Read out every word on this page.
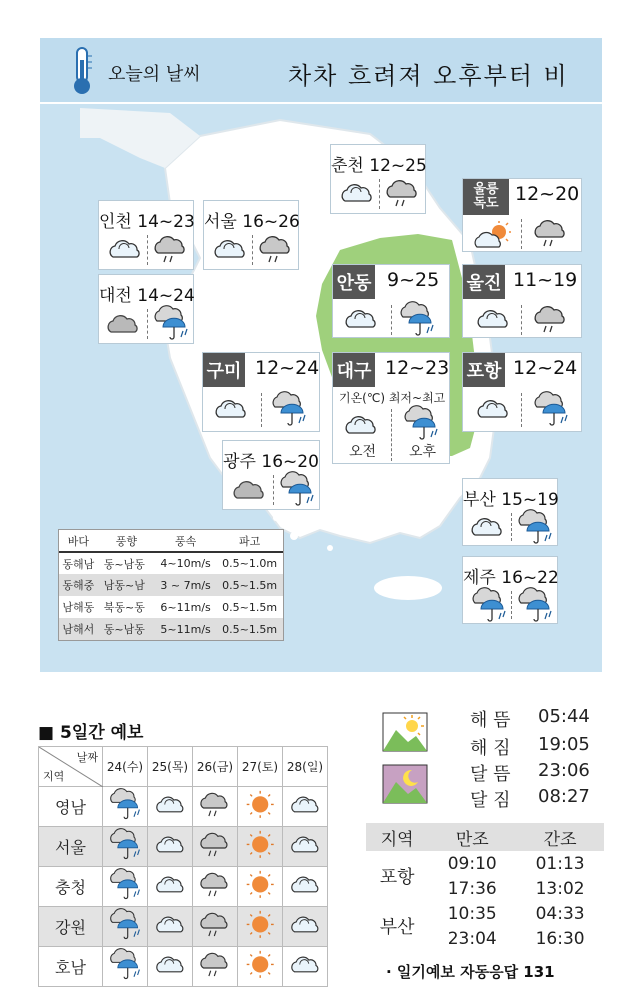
오늘의 날씨	차차 흐려져 오후부터 비
춘천 12~25
인천 14~23 서울 16~26
대전 14~24
울릉
독도 12~20
안동 9~25 울진 11~19
구미 12~24 대구 12~23
기온(℃) 최저~최고
오전 오후
포항 12~24
광주 16~20
부산 15~19
제주 16~22
바다	풍향	풍속	파고
동해남	동~남동	4~10m/s	0.5~1.0m
동해중	남동~남	3 ~ 7m/s	0.5~1.5m
남해동	북동~동	6~11m/s	0.5~1.5m
남해서	동~남동	5~11m/s	0.5~1.5m
■ 5일간 예보
날짜
지역	24(수)	25(목)	26(금)	27(토)	28(일)
영남					
서울					
충청					
강원					
호남					
지역	만조	간조
포항	09:10	01:13
	17:36	13:02
부산	10:35	04:33
	23:04	16:30
· 일기예보 자동응답 131
해 뜸 05:44
해 짐 19:05
달 뜸 23:06
달 짐 08:27
